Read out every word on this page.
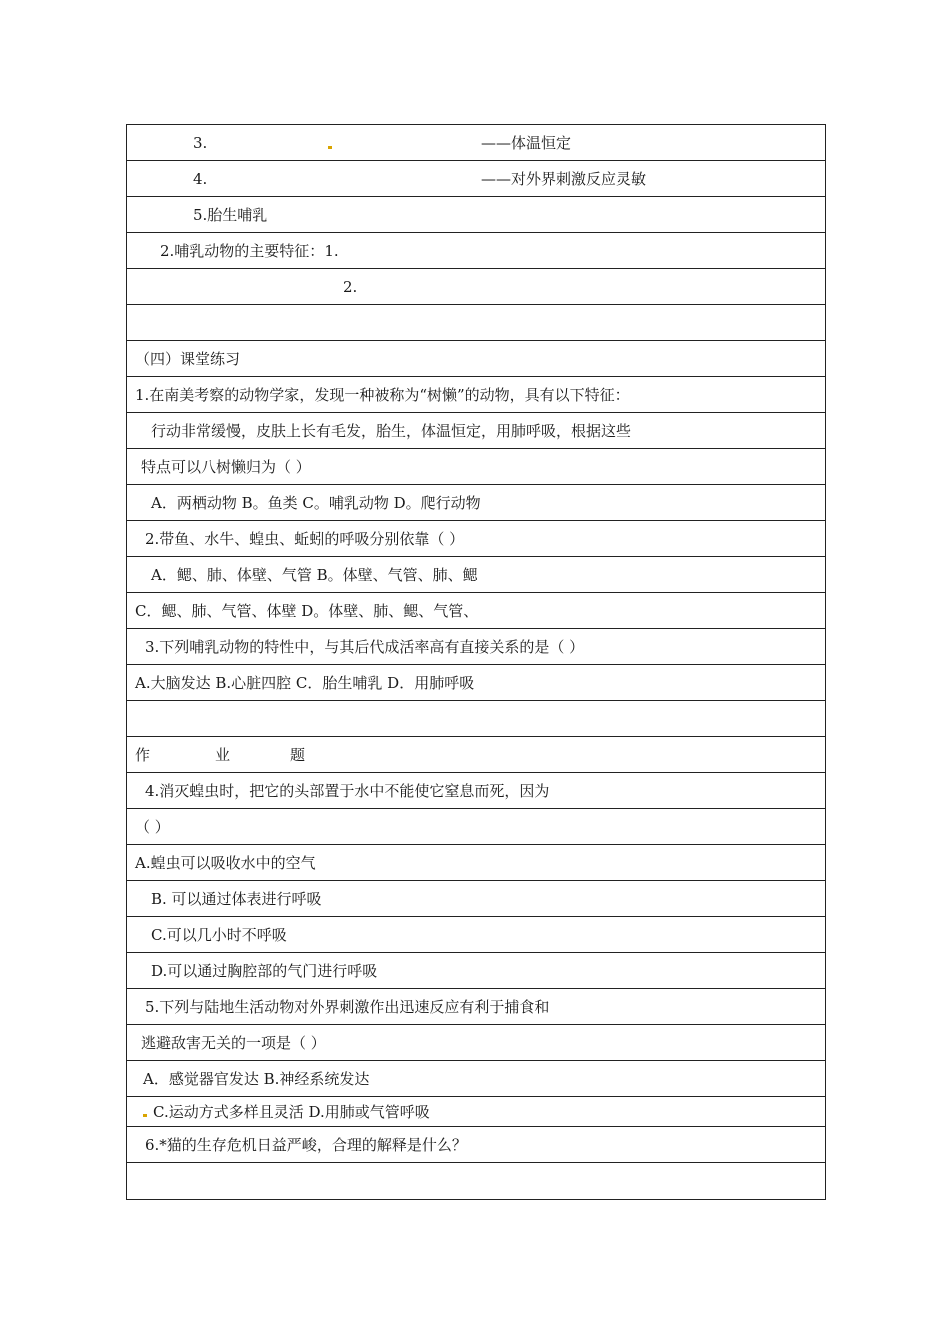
3.	——体温恒定
4.	——对外界刺激反应灵敏
5.胎生哺乳
2.哺乳动物的主要特征：1.
2.
（四）课堂练习
1.在南美考察的动物学家，发现一种被称为“树懒”的动物，具有以下特征：
行动非常缓慢，皮肤上长有毛发，胎生，体温恒定，用肺呼吸，根据这些
特点可以八树懒归为（ ）
A．两栖动物 B。鱼类 C。哺乳动物 D。爬行动物
2.带鱼、水牛、蝗虫、蚯蚓的呼吸分别依靠（ ）
A．鳃、肺、体壁、气管 B。体壁、气管、肺、鳃
C．鳃、肺、气管、体壁 D。体壁、肺、鳃、气管、
3.下列哺乳动物的特性中，与其后代成活率高有直接关系的是（ ）
A.大脑发达 B.心脏四腔 C．胎生哺乳 D．用肺呼吸
作	业	题
4.消灭蝗虫时，把它的头部置于水中不能使它窒息而死，因为
（ ）
A.蝗虫可以吸收水中的空气
B. 可以通过体表进行呼吸
C.可以几小时不呼吸
D.可以通过胸腔部的气门进行呼吸
5.下列与陆地生活动物对外界刺激作出迅速反应有利于捕食和
逃避敌害无关的一项是（ ）
A．感觉器官发达 B.神经系统发达
C.运动方式多样且灵活 D.用肺或气管呼吸
6.*猫的生存危机日益严峻，合理的解释是什么？
